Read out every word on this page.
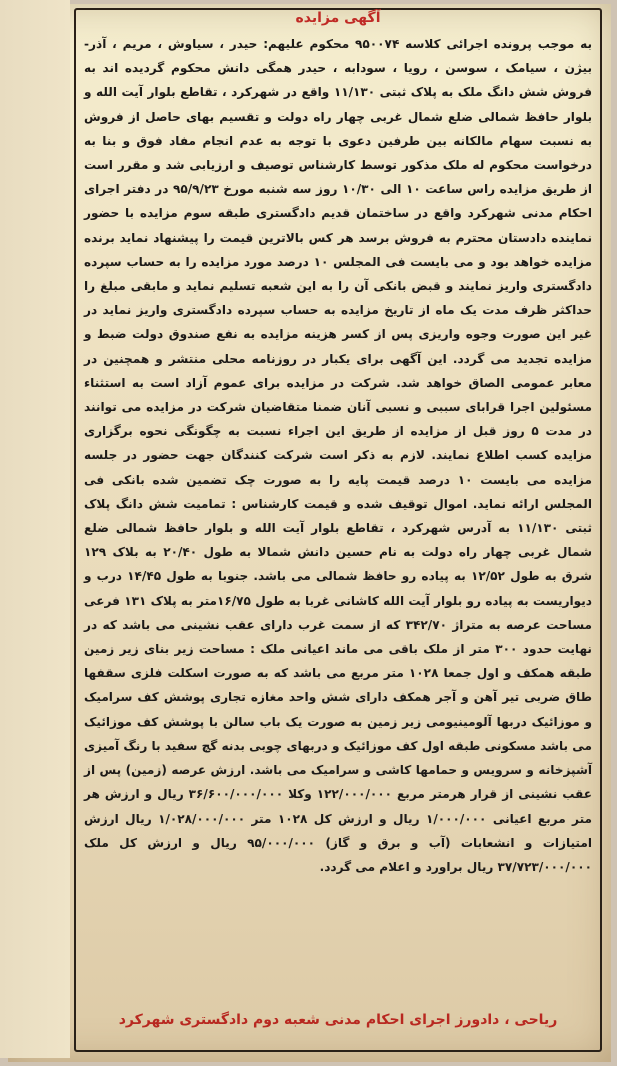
آگهی مزایده

به موجب پرونده اجرائی کلاسه ۹۵۰۰۷۴ محکوم علیهم: حیدر ، سیاوش ، مریم ، آذر- بیژن ، سیامک ، سوسن ، رویا ، سودابه ، حیدر همگی دانش محکوم گردیده اند به فروش شش دانگ ملک به پلاک ثبتی ۱۱/۱۳۰ واقع در شهرکرد ، تقاطع بلوار آیت الله و بلوار حافظ شمالی ضلع شمال غربی چهار راه دولت و تقسیم بهای حاصل از فروش به نسبت سهام مالکانه بین طرفین دعوی با توجه به عدم انجام مفاد فوق و بنا به درخواست محکوم له ملک مذکور توسط کارشناس توصیف و ارزیابی شد و مقرر است از طریق مزایده راس ساعت ۱۰ الی ۱۰/۳۰ روز سه شنبه مورخ ۹۵/۹/۲۳ در دفتر اجرای احکام مدنی شهرکرد واقع در ساختمان قدیم دادگستری طبقه سوم مزایده با حضور نماینده دادستان محترم به فروش برسد هر کس بالاترین قیمت را پیشنهاد نماید برنده مزایده خواهد بود و می بایست فی المجلس ۱۰ درصد مورد مزایده را به حساب سپرده دادگستری واریز نمایند و قبض بانکی آن را به این شعبه تسلیم نماید و مابقی مبلغ را حداکثر ظرف مدت یک ماه از تاریخ مزایده به حساب سپرده دادگستری واریز نماید در غیر این صورت وجوه واریزی پس از کسر هزینه مزایده به نفع صندوق دولت ضبط و مزایده تجدید می گردد. این آگهی برای یکبار در روزنامه محلی منتشر و همچنین در معابر عمومی الصاق خواهد شد. شرکت در مزایده برای عموم آزاد است به استثناء مسئولین اجرا قرابای سببی و نسبی آنان ضمنا متقاضیان شرکت در مزایده می توانند در مدت ۵ روز قبل از مزایده از طریق این اجراء نسبت به چگونگی نحوه برگزاری مزایده کسب اطلاع نمایند. لازم به ذکر است شرکت کنندگان جهت حضور در جلسه مزایده می بایست ۱۰ درصد قیمت پایه را به صورت چک تضمین شده بانکی فی المجلس ارائه نماید. اموال توقیف شده و قیمت کارشناس : تمامیت شش دانگ پلاک ثبتی ۱۱/۱۳۰ به آدرس شهرکرد ، تقاطع بلوار آیت الله و بلوار حافظ شمالی ضلع شمال غربی چهار راه دولت به نام حسین دانش شمالا به طول ۲۰/۴۰ به بلاک ۱۲۹ شرق به طول ۱۲/۵۲ به پیاده رو حافظ شمالی می باشد. جنوبا به طول ۱۴/۴۵ درب و دیواریست به پیاده رو بلوار آیت الله کاشانی غربا به طول ۱۶/۷۵متر به پلاک ۱۳۱ فرعی مساحت عرصه به متراژ ۳۴۲/۷۰ که از سمت غرب دارای عقب نشینی می باشد که در نهایت حدود ۳۰۰ متر از ملک باقی می ماند اعیانی ملک : مساحت زیر بنای زیر زمین طبقه همکف و اول جمعا ۱۰۲۸ متر مربع می باشد که به صورت اسکلت فلزی سقفها طاق ضربی تیر آهن و آجر همکف دارای شش واحد مغازه تجاری پوشش کف سرامیک و موزائیک دربها آلومینیومی زیر زمین به صورت یک باب سالن با پوشش کف موزائیک می باشد مسکونی طبقه اول کف موزائیک و دربهای چوبی بدنه گچ سفید با رنگ آمیزی آشپزخانه و سرویس و حمامها کاشی و سرامیک می باشد. ارزش عرصه (زمین) پس از عقب نشینی از قرار هرمتر مربع ۱۲۲/۰۰۰/۰۰۰ وکلا ۳۶/۶۰۰/۰۰۰/۰۰۰ ریال و ارزش هر متر مربع اعیانی ۱/۰۰۰/۰۰۰ ریال و ارزش کل ۱۰۲۸ متر ۱/۰۲۸/۰۰۰/۰۰۰ ریال ارزش امتیازات و انشعابات (آب و برق و گاز) ۹۵/۰۰۰/۰۰۰ ریال و ارزش کل ملک ۳۷/۷۲۳/۰۰۰/۰۰۰ ریال براورد و اعلام می گردد.

ریاحی ، دادورز اجرای احکام مدنی شعبه دوم دادگستری شهرکرد
